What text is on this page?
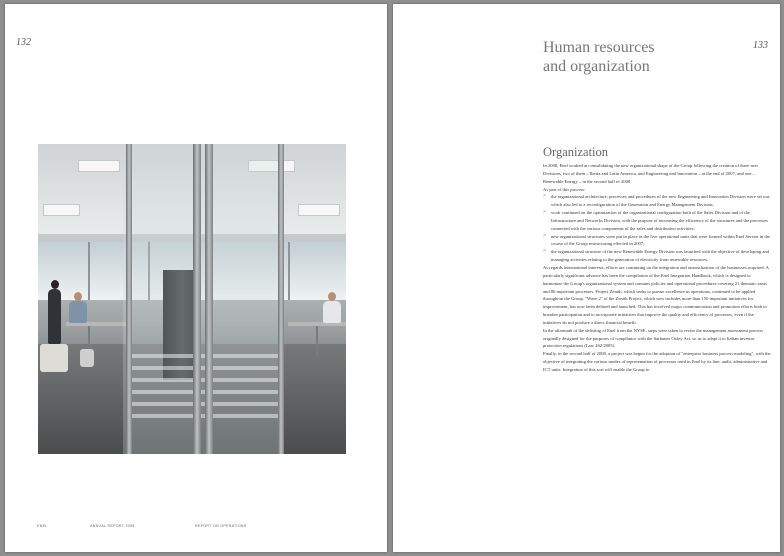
132
ENEL	ANNUAL REPORT 2008	REPORT ON OPERATIONS
133
Human resources
and organization
Organization

In 2008, Enel worked at consolidating the new organizational shape of the Group following the creation of three new Divisions, two of them – Iberia and Latin America, and Engineering and Innovation – at the end of 2007, and one – Renewable Energy – in the second half of 2008.

As part of this process:

> the organizational architecture, processes and procedures of the new Engineering and Innovation Division were set out, which also led to a reconfiguration of the Generation and Energy Management Division;
> work continued on the optimization of the organizational configuration both of the Sales Division and of the Infrastructure and Networks Division, with the purpose of increasing the efficiency of the structures and the processes connected with the various components of the sales and distribution activities;
> new organizational structures were put in place in the five operational units that were formed within Enel Servizi in the course of the Group restructuring effected in 2007;
> the organizational structure of the new Renewable Energy Division was launched with the objective of developing and managing activities relating to the generation of electricity from renewable resources.

As regards international interests, efforts are continuing on the integration and rationalization of the businesses acquired. A particularly significant advance has been the compilation of the Enel Integration Handbook, which is designed to harmonize the Group's organizational system and contains policies and operational procedures covering 21 thematic areas and 86 important processes. Project Zenith, which seeks to pursue excellence in operations, continued to be applied throughout the Group. "Wave 2" of the Zenith Project, which now includes more than 150 important initiatives for improvement, has now been defined and launched. This has involved major communication and promotion efforts both to broaden participation and to incorporate initiatives that improve the quality and efficiency of processes, even if the initiatives do not produce a direct financial benefit.

In the aftermath of the delisting of Enel from the NYSE, steps were taken to revise the management assessment process originally designed for the purposes of compliance with the Sarbanes Oxley Act, so as to adapt it to Italian investor protection regulations (Law 262/2005).

Finally, in the second half of 2008, a project was begun for the adoption of "enterprise business process modeling", with the objective of integrating the various modes of representation of processes used in Enel by its line, audit, administrative and ICT units. Integration of this sort will enable the Group to
